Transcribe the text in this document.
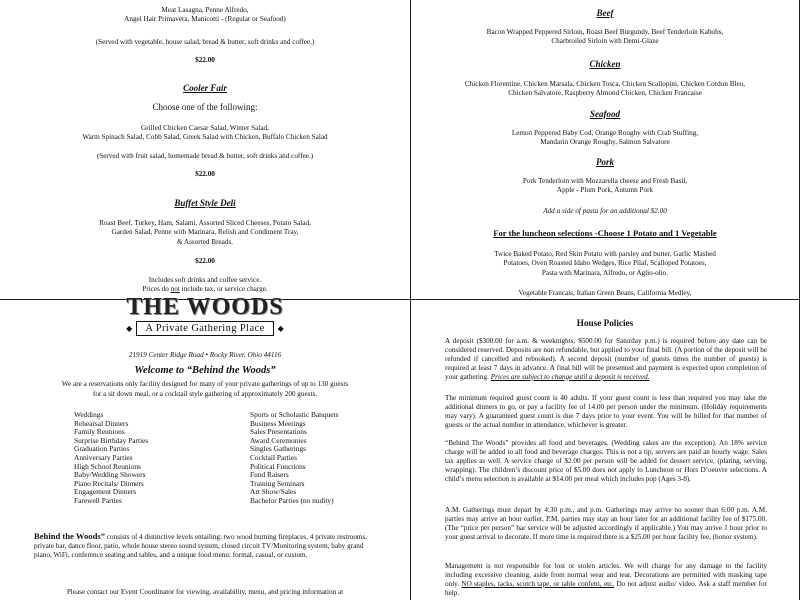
Meat Lasagna, Penne Alfredo,
Angel Hair Primavera, Manicotti - (Regular or Seafood)
(Served with vegetable, house salad, bread & butter, soft drinks and coffee.)
$22.00
Cooler Fair
Choose one of the following:
Grilled Chicken Caesar Salad, Winter Salad,
Warm Spinach Salad, Cobb Salad, Greek Salad with Chicken, Buffalo Chicken Salad
(Served with fruit salad, homemade bread & butter, soft drinks and coffee.)
$22.00
Buffet Style Deli
Roast Beef, Turkey, Ham, Salami, Assorted Sliced Cheeses, Potato Salad,
Garden Salad, Penne with Marinara, Relish and Condiment Tray,
& Assorted Breads.
$22.00
Includes soft drinks and coffee service.
Prices do not include tax, or service charge.
Beef
Bacon Wrapped Peppered Sirloin, Roast Beef Burgundy, Beef Tenderloin Kabobs,
Charbroiled Sirloin with Demi-Glaze
Chicken
Chicken Florentine, Chicken Marsala, Chicken Tosca, Chicken Scallopini, Chicken Cordon Bleu,
Chicken Salvatore, Raspberry Almond Chicken, Chicken Francaise
Seafood
Lemon Peppered Baby Cod, Orange Roughy with Crab Stuffing,
Mandarin Orange Roughy, Salmon Salvatore
Pork
Pork Tenderloin with Mozzarella cheese and Fresh Basil,
Apple - Plum Pork, Autumn Pork
Add a side of pasta for an additional $2.00
For the luncheon selections -Choose 1 Potato and 1 Vegetable
Twice Baked Potato, Red Skin Potato with parsley and butter, Garlic Mashed
Potatoes, Oven Roasted Idaho Wedges, Rice Pilaf, Scalloped Potatoes,
Pasta with Marinara, Alfredo, or Aglio-olio.
Vegetable Francais, Italian Green Beans, California Medley,
THE WOODS
◆ A Private Gathering Place ◆
21919 Center Ridge Road • Rocky River, Ohio 44116
Welcome to “Behind the Woods”
We are a reservations only facility designed for many of your private gatherings of up to 130 guests
for a sit down meal, or a cocktail style gathering of approximately 200 guests.
Weddings
Rehearsal Dinners
Family Reunions
Surprise Birthday Parties
Graduation Parties
Anniversary Parties
High School Reunions
Baby/Wedding Showers
Piano Recitals/ Dinners
Engagement Dinners
Farewell Parties
Sports or Scholastic Banquets
Business Meetings
Sales Presentations
Award Ceremonies
Singles Gatherings
Cocktail Parties
Political Functions
Fund Raisers
Training Seminars
Art Show/Sales
Bachelor Parties (no nudity)
Behind the Woods” consists of 4 distinctive levels entailing: two wood burning fireplaces, 4 private restrooms, private bar, dance floor, patio, whole house stereo sound system, closed circuit TV/Monitoring system, baby grand piano, WiFi, conference seating and tables, and a unique food menu: formal, casual, or custom.
Please contact our Event Coordinator for viewing, availability, menu, and pricing information at
House Policies
A deposit ($300.00 for a.m. & weeknights, $500.00 for Saturday p.m.) is required before any date can be considered reserved. Deposits are non refundable, but applied to your final bill. (A portion of the deposit will be refunded if cancelled and rebooked). A second deposit (number of guests times the number of guests) is required at least 7 days in advance. A final bill will be presented and payment is expected upon completion of your gathering. Prices are subject to change until a deposit is received.
The minimum required guest count is 40 adults. If your guest count is less than required you may take the additional dinners to go, or pay a facility fee of 14.00 per person under the minimum. (Holiday requirements may vary). A guaranteed guest count is due 7 days prior to your event. You will be billed for that number of guests or the actual number in attendance, whichever is greater.
“Behind The Woods” provides all food and beverages. (Wedding cakes are the exception). An 18% service charge will be added to all food and beverage charges. This is not a tip, servers are paid an hourly wage. Sales tax applies as well. A service charge of $2.00 per person will be added for dessert service, (plating, serving, wrapping). The children’s discount price of $5.00 does not apply to Luncheon or Hors D’oeuvre selections. A child’s menu selection is available at $14.00 per meal which includes pop (Ages 3-8).
A.M. Gatherings must depart by 4:30 p.m., and p.m. Gatherings may arrive no sooner than 6:00 p.m. A.M. parties may arrive an hour earlier, P.M. parties may stay an hour later for an additional facility fee of $175.00. (The “price per person” bar service will be adjusted accordingly if applicable.) You may arrive 1 hour prior to your guest arrival to decorate. If more time is required there is a $25.00 per hour facility fee, (honor system).
Management is not responsible for lost or stolen articles. We will charge for any damage to the facility including excessive cleaning, aside from normal wear and tear. Decorations are permitted with masking tape only. NO staples, tacks, scotch tape, or table confetti, etc. Do not adjust audio/ video. Ask a staff member for help.
